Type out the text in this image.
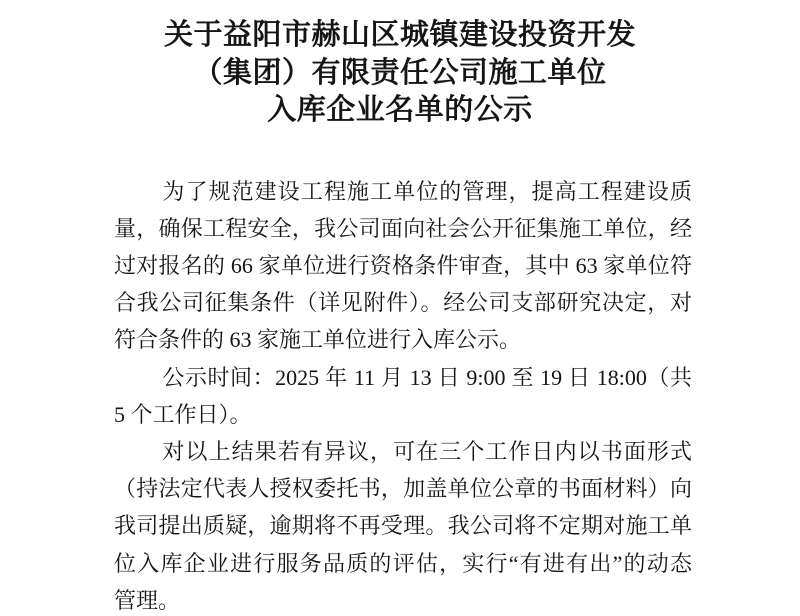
关于益阳市赫山区城镇建设投资开发
（集团）有限责任公司施工单位
入库企业名单的公示
为了规范建设工程施工单位的管理，提高工程建设质
量，确保工程安全，我公司面向社会公开征集施工单位，经
过对报名的 66 家单位进行资格条件审查，其中 63 家单位符
合我公司征集条件（详见附件）。经公司支部研究决定，对
符合条件的 63 家施工单位进行入库公示。
公示时间：2025 年 11 月 13 日 9:00 至 19 日 18:00（共
5 个工作日）。
对以上结果若有异议，可在三个工作日内以书面形式
（持法定代表人授权委托书，加盖单位公章的书面材料）向
我司提出质疑，逾期将不再受理。我公司将不定期对施工单
位入库企业进行服务品质的评估，实行“有进有出”的动态
管理。
